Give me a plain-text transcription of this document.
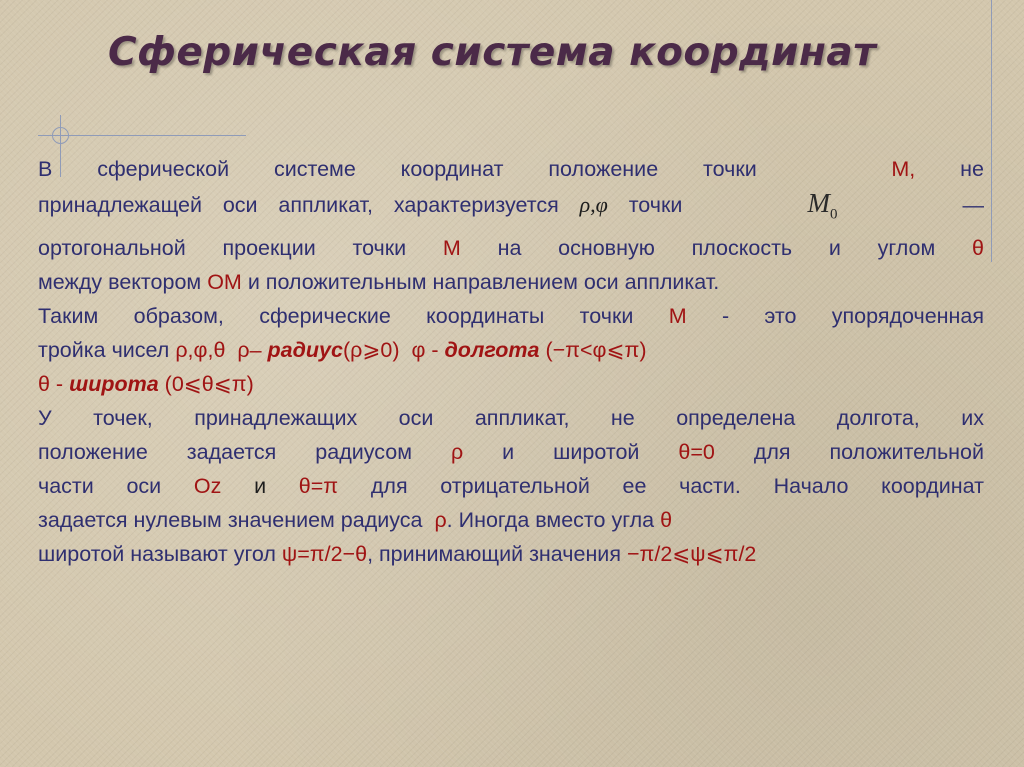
Сферическая система координат
В сферической системе координат положение точки	M, не
принадлежащей оси аппликат, характеризуется ρ,φ точки	$M_0$	—
ортогональной проекции точки M на основную плоскость и углом θ
между вектором OM и положительным направлением оси аппликат.
Таким образом, сферические координаты точки M - это упорядоченная
тройка чисел ρ,φ,θ ρ– радиус(ρ⩾0) φ - долгота (−π<φ⩽π)
θ - широта (0⩽θ⩽π)
У точек, принадлежащих оси аппликат, не определена долгота, их
положение задается радиусом ρ и широтой θ=0 для положительной
части оси Oz и θ=π для отрицательной ее части. Начало координат
задается нулевым значением радиуса ρ. Иногда вместо угла θ
широтой называют угол ψ=π/2−θ, принимающий значения −π/2⩽ψ⩽π/2
